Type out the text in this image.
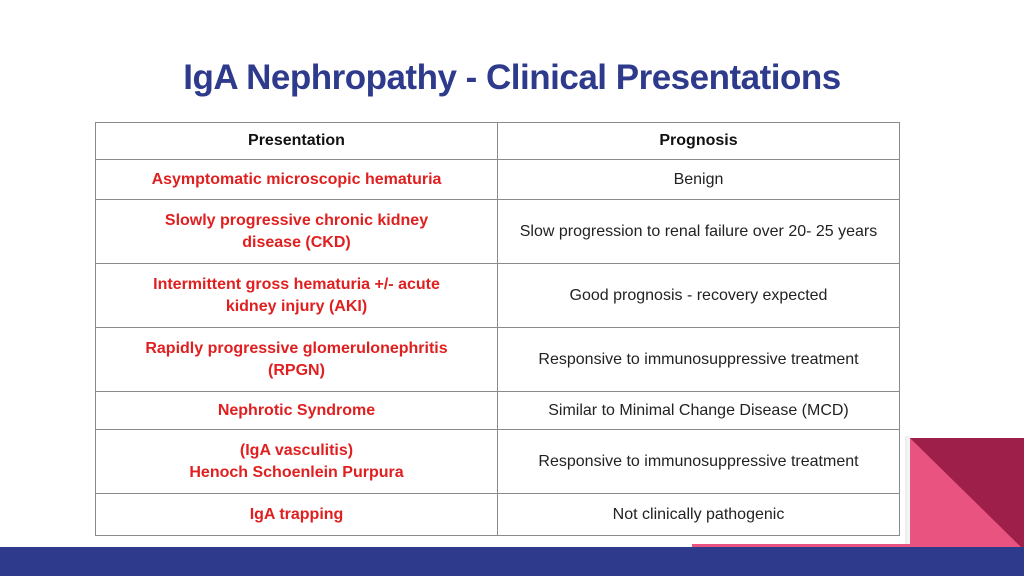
IgA Nephropathy - Clinical Presentations
Presentation	Prognosis

Asymptomatic microscopic hematuria	Benign

Slowly progressive chronic kidney
disease (CKD)	Slow progression to renal failure over 20- 25 years

Intermittent gross hematuria +/- acute
kidney injury (AKI)	Good prognosis - recovery expected

Rapidly progressive glomerulonephritis
(RPGN)	Responsive to immunosuppressive treatment

Nephrotic Syndrome	Similar to Minimal Change Disease (MCD)

(IgA vasculitis)
Henoch Schoenlein Purpura	Responsive to immunosuppressive treatment

IgA trapping	Not clinically pathogenic
